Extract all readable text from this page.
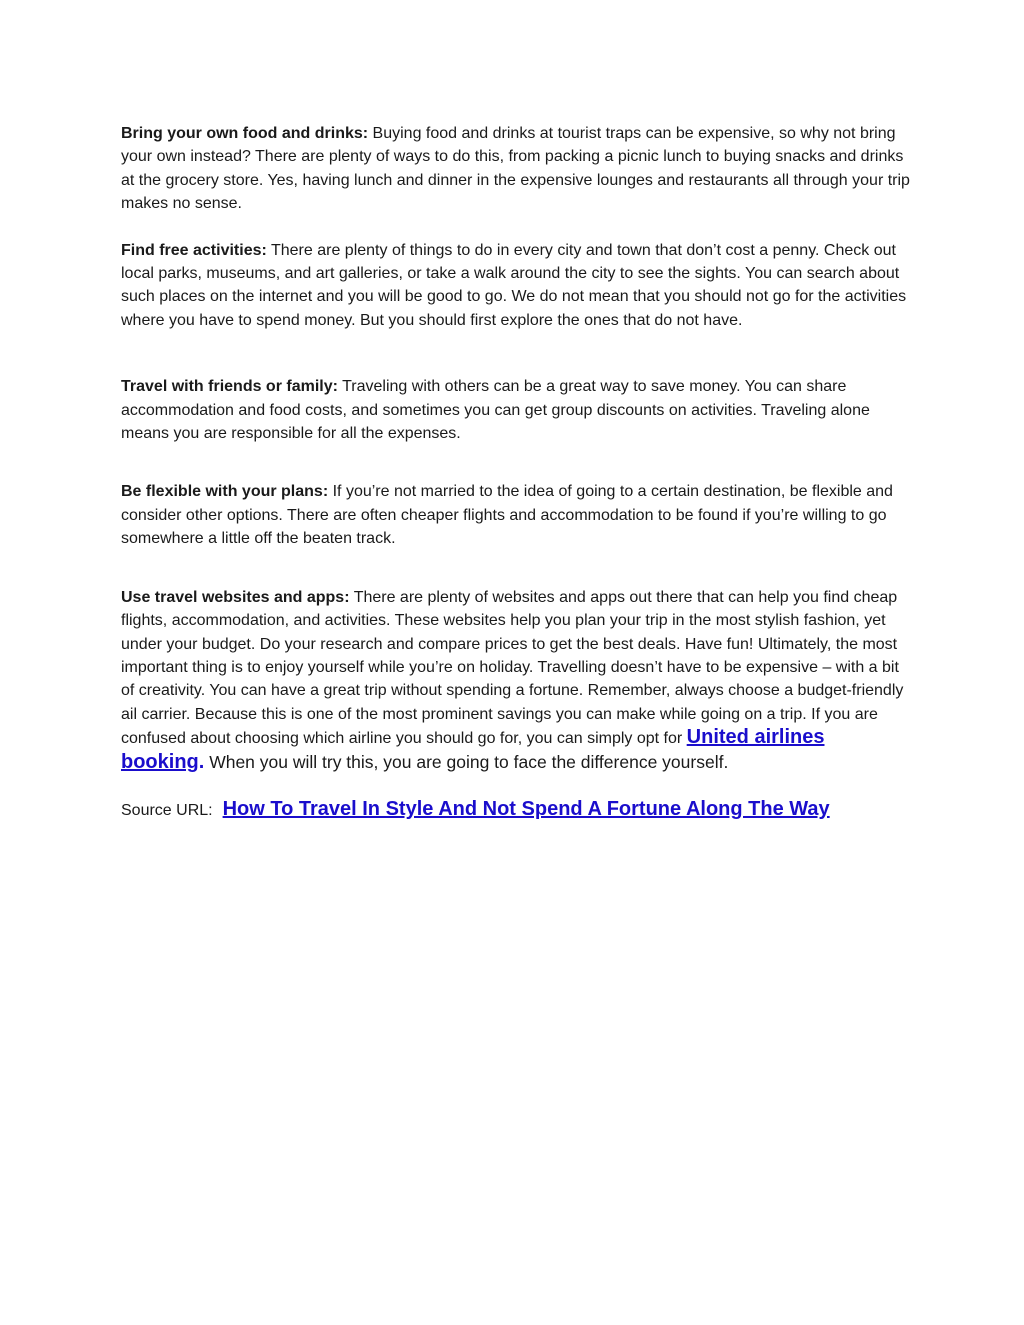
Bring your own food and drinks: Buying food and drinks at tourist traps can be expensive, so why not bring your own instead? There are plenty of ways to do this, from packing a picnic lunch to buying snacks and drinks at the grocery store. Yes, having lunch and dinner in the expensive lounges and restaurants all through your trip makes no sense.

Find free activities: There are plenty of things to do in every city and town that don’t cost a penny. Check out local parks, museums, and art galleries, or take a walk around the city to see the sights. You can search about such places on the internet and you will be good to go. We do not mean that you should not go for the activities where you have to spend money. But you should first explore the ones that do not have.

Travel with friends or family: Traveling with others can be a great way to save money. You can share accommodation and food costs, and sometimes you can get group discounts on activities. Traveling alone means you are responsible for all the expenses.

Be flexible with your plans: If you’re not married to the idea of going to a certain destination, be flexible and consider other options. There are often cheaper flights and accommodation to be found if you’re willing to go somewhere a little off the beaten track.

Use travel websites and apps: There are plenty of websites and apps out there that can help you find cheap flights, accommodation, and activities. These websites help you plan your trip in the most stylish fashion, yet under your budget. Do your research and compare prices to get the best deals. Have fun! Ultimately, the most important thing is to enjoy yourself while you’re on holiday. Travelling doesn’t have to be expensive – with a bit of creativity. You can have a great trip without spending a fortune. Remember, always choose a budget-friendly ail carrier. Because this is one of the most prominent savings you can make while going on a trip. If you are confused about choosing which airline you should go for, you can simply opt for United airlines booking. When you will try this, you are going to face the difference yourself.

Source URL: How To Travel In Style And Not Spend A Fortune Along The Way
